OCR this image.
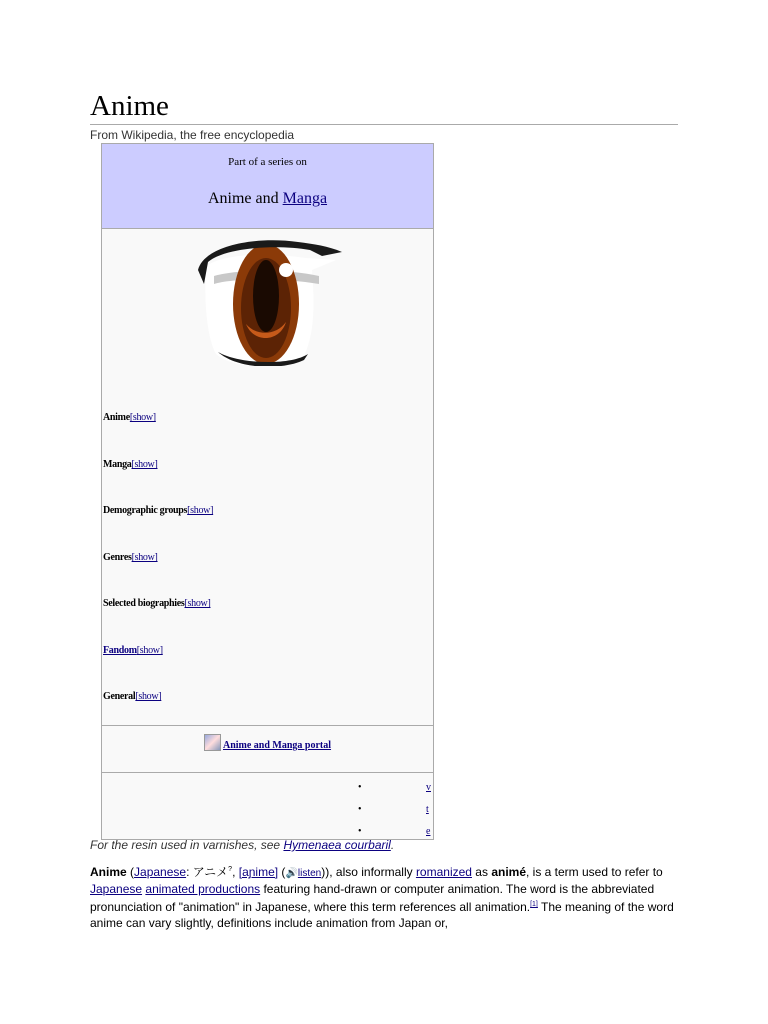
Anime
From Wikipedia, the free encyclopedia
Part of a series on
Anime and Manga
Anime[show]
Manga[show]
Demographic groups[show]
Genres[show]
Selected biographies[show]
Fandom[show]
General[show]
Anime and Manga portal
•
•
•
v
t
e
For the resin used in varnishes, see Hymenaea courbaril.

Anime (Japanese: アニメ?, [aɲime] (🔊listen)), also informally romanized as animé, is a term used to refer to Japanese animated productions featuring hand-drawn or computer animation. The word is the abbreviated pronunciation of "animation" in Japanese, where this term references all animation.[1] The meaning of the word anime can vary slightly, definitions include animation from Japan or,
